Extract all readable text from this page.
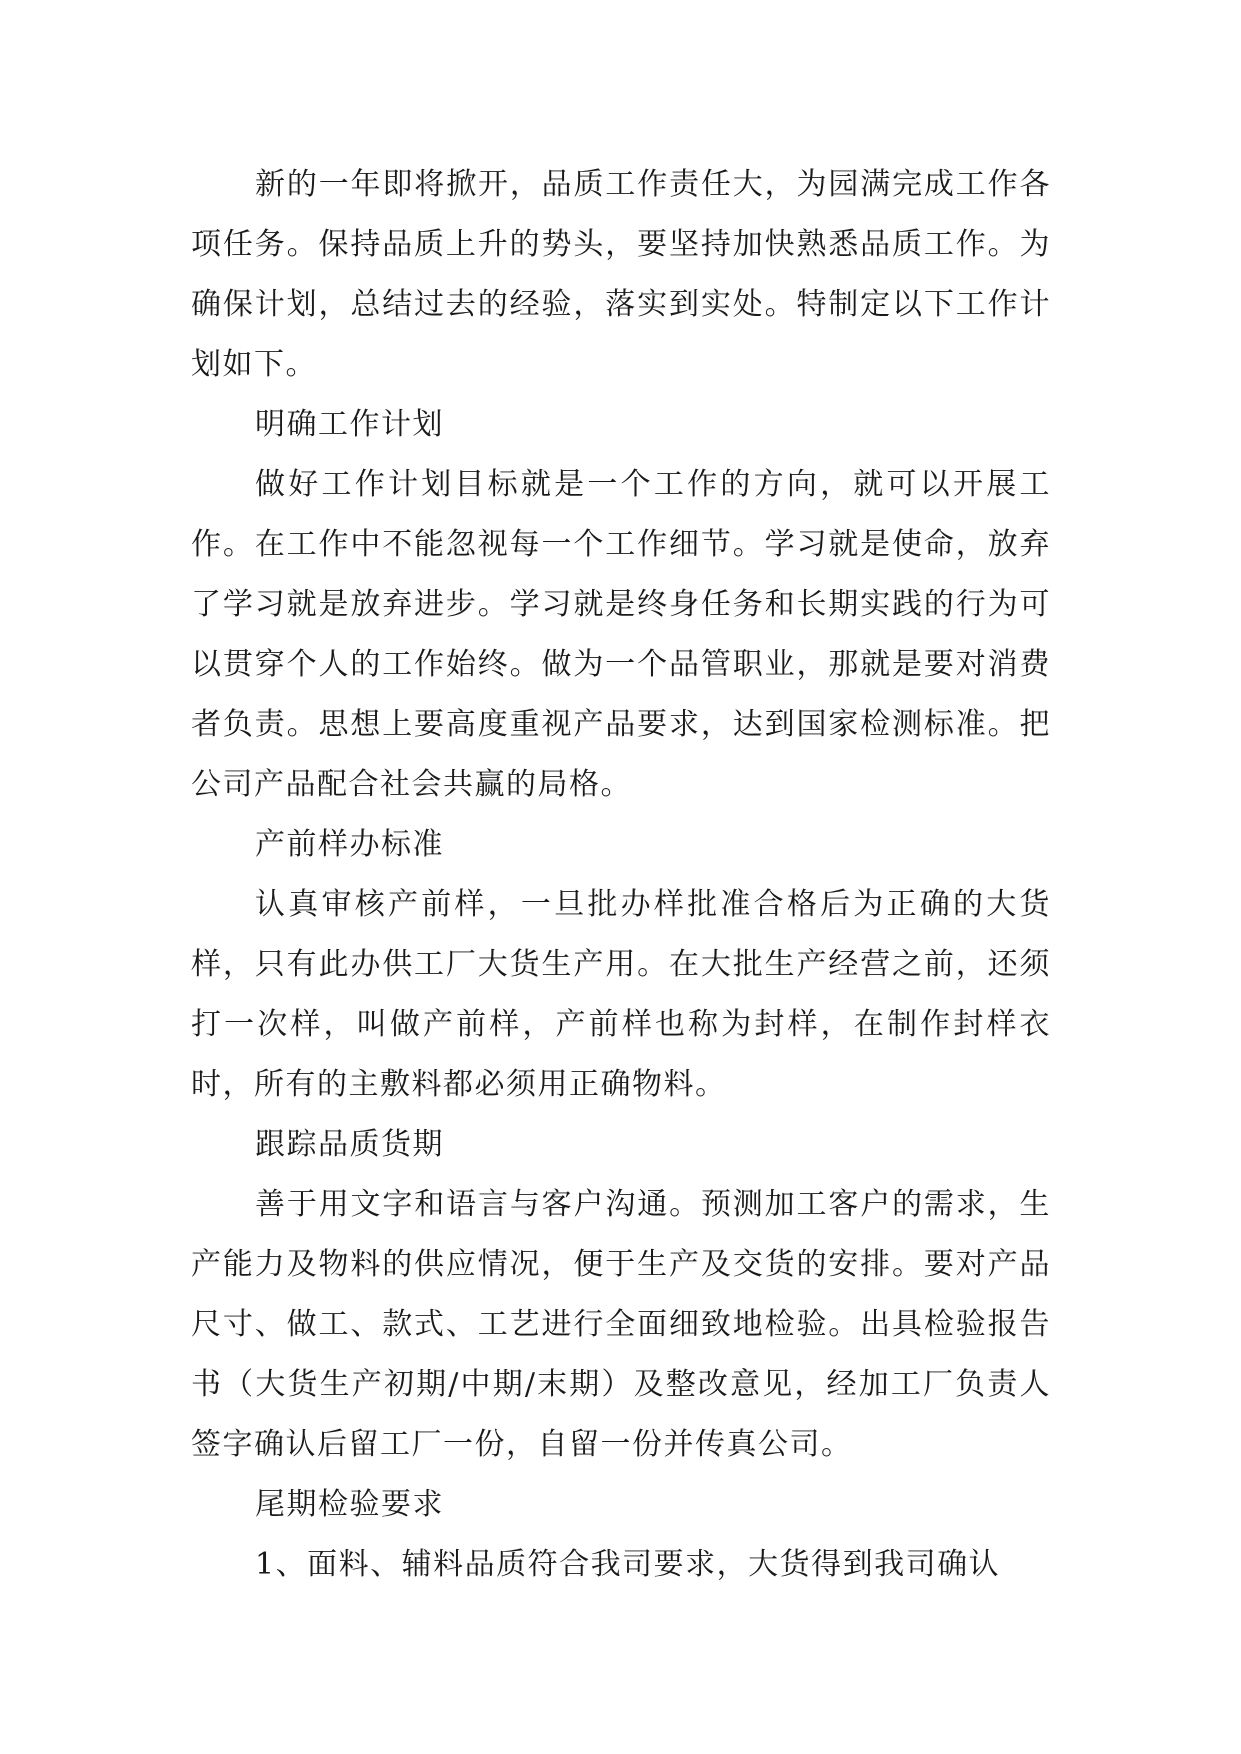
新的一年即将掀开，品质工作责任大，为园满完成工作各项任务。保持品质上升的势头，要坚持加快熟悉品质工作。为确保计划，总结过去的经验，落实到实处。特制定以下工作计划如下。

明确工作计划

做好工作计划目标就是一个工作的方向，就可以开展工作。在工作中不能忽视每一个工作细节。学习就是使命，放弃了学习就是放弃进步。学习就是终身任务和长期实践的行为可以贯穿个人的工作始终。做为一个品管职业，那就是要对消费者负责。思想上要高度重视产品要求，达到国家检测标准。把公司产品配合社会共赢的局格。

产前样办标准

认真审核产前样，一旦批办样批准合格后为正确的大货样，只有此办供工厂大货生产用。在大批生产经营之前，还须打一次样，叫做产前样，产前样也称为封样，在制作封样衣时，所有的主敷料都必须用正确物料。

跟踪品质货期

善于用文字和语言与客户沟通。预测加工客户的需求，生产能力及物料的供应情况，便于生产及交货的安排。要对产品尺寸、做工、款式、工艺进行全面细致地检验。出具检验报告书（大货生产初期/中期/末期）及整改意见，经加工厂负责人签字确认后留工厂一份，自留一份并传真公司。

尾期检验要求

1、面料、辅料品质符合我司要求，大货得到我司确认
